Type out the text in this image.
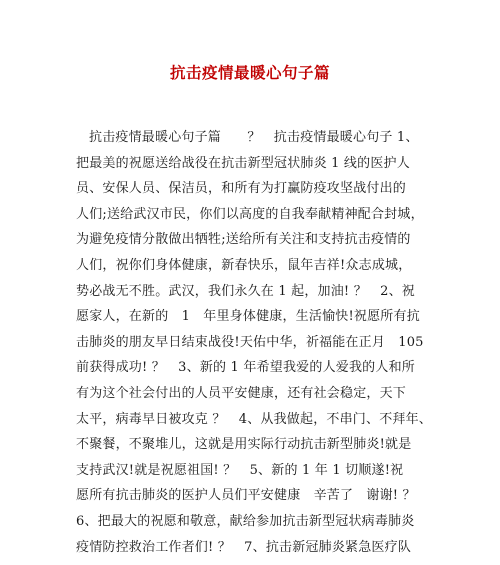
抗击疫情最暖心句子篇
抗击疫情最暖心句子篇　　？　抗击疫情最暖心句子 1、
把最美的祝愿送给战役在抗击新型冠状肺炎 1 线的医护人
员、安保人员、保洁员，和所有为打赢防疫攻坚战付出的
人们;送给武汉市民，你们以高度的自我奉献精神配合封城，
为避免疫情分散做出牺牲;送给所有关注和支持抗击疫情的
人们，祝你们身体健康，新春快乐，鼠年吉祥!众志成城，
势必战无不胜。武汉，我们永久在 1 起，加油! ？　2、祝
愿家人，在新的　1　年里身体健康，生活愉快!祝愿所有抗
击肺炎的朋友早日结束战役!天佑中华，祈福能在正月　105
前获得成功! ？　3、新的 1 年希望我爱的人爱我的人和所
有为这个社会付出的人员平安健康，还有社会稳定，天下
太平，病毒早日被攻克 ？　4、从我做起，不串门、不拜年、
不聚餐，不聚堆儿，这就是用实际行动抗击新型肺炎!就是
支持武汉!就是祝愿祖国! ？　5、新的 1 年 1 切顺遂!祝
愿所有抗击肺炎的医护人员们平安健康　辛苦了　谢谢! ？
6、把最大的祝愿和敬意，献给参加抗击新型冠状病毒肺炎
疫情防控救治工作者们! ？　7、抗击新冠肺炎紧急医疗队
